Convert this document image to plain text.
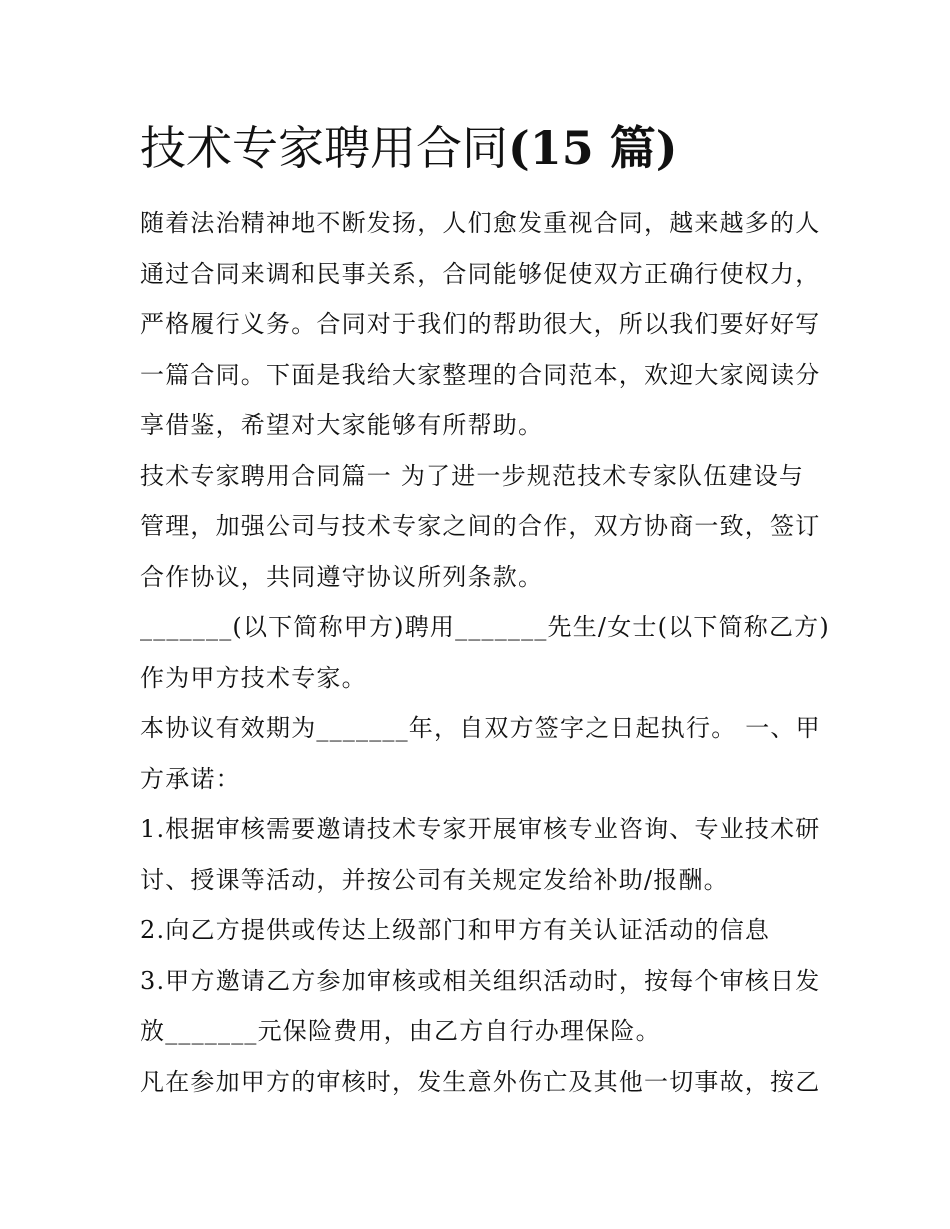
技术专家聘用合同(15 篇)

随着法治精神地不断发扬，人们愈发重视合同，越来越多的人
通过合同来调和民事关系，合同能够促使双方正确行使权力，
严格履行义务。合同对于我们的帮助很大，所以我们要好好写
一篇合同。下面是我给大家整理的合同范本，欢迎大家阅读分
享借鉴，希望对大家能够有所帮助。

技术专家聘用合同篇一 为了进一步规范技术专家队伍建设与
管理，加强公司与技术专家之间的合作，双方协商一致，签订
合作协议，共同遵守协议所列条款。

_______(以下简称甲方)聘用_______先生/女士(以下简称乙方)
作为甲方技术专家。

本协议有效期为_______年，自双方签字之日起执行。 一、甲
方承诺：

1.根据审核需要邀请技术专家开展审核专业咨询、专业技术研
讨、授课等活动，并按公司有关规定发给补助/报酬。

2.向乙方提供或传达上级部门和甲方有关认证活动的信息

3.甲方邀请乙方参加审核或相关组织活动时，按每个审核日发
放_______元保险费用，由乙方自行办理保险。

凡在参加甲方的审核时，发生意外伤亡及其他一切事故，按乙
